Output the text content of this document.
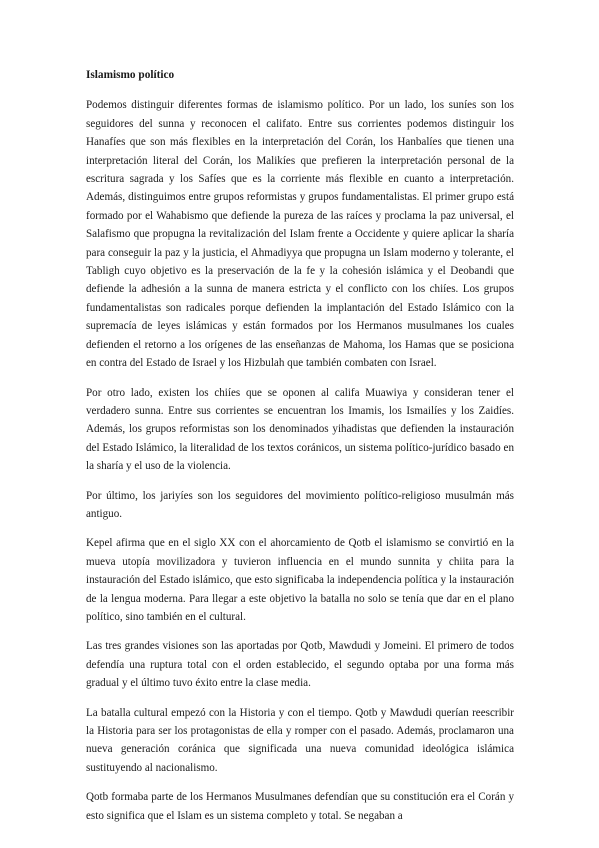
Islamismo político

Podemos distinguir diferentes formas de islamismo político. Por un lado, los suníes son los seguidores del sunna y reconocen el califato. Entre sus corrientes podemos distinguir los Hanafíes que son más flexibles en la interpretación del Corán, los Hanbalíes que tienen una interpretación literal del Corán, los Malikíes que prefieren la interpretación personal de la escritura sagrada y los Safíes que es la corriente más flexible en cuanto a interpretación. Además, distinguimos entre grupos reformistas y grupos fundamentalistas. El primer grupo está formado por el Wahabismo que defiende la pureza de las raíces y proclama la paz universal, el Salafismo que propugna la revitalización del Islam frente a Occidente y quiere aplicar la sharía para conseguir la paz y la justicia, el Ahmadiyya que propugna un Islam moderno y tolerante, el Tabligh cuyo objetivo es la preservación de la fe y la cohesión islámica y el Deobandi que defiende la adhesión a la sunna de manera estricta y el conflicto con los chiíes. Los grupos fundamentalistas son radicales porque defienden la implantación del Estado Islámico con la supremacía de leyes islámicas y están formados por los Hermanos musulmanes los cuales defienden el retorno a los orígenes de las enseñanzas de Mahoma, los Hamas que se posiciona en contra del Estado de Israel y los Hizbulah que también combaten con Israel.

Por otro lado, existen los chiíes que se oponen al califa Muawiya y consideran tener el verdadero sunna. Entre sus corrientes se encuentran los Imamis, los Ismailíes y los Zaidíes. Además, los grupos reformistas son los denominados yihadistas que defienden la instauración del Estado Islámico, la literalidad de los textos coránicos, un sistema político-jurídico basado en la sharía y el uso de la violencia.

Por último, los jariyíes son los seguidores del movimiento político-religioso musulmán más antiguo.

Kepel afirma que en el siglo XX con el ahorcamiento de Qotb el islamismo se convirtió en la mueva utopía movilizadora y tuvieron influencia en el mundo sunnita y chiita para la instauración del Estado islámico, que esto significaba la independencia política y la instauración de la lengua moderna. Para llegar a este objetivo la batalla no solo se tenía que dar en el plano político, sino también en el cultural.

Las tres grandes visiones son las aportadas por Qotb, Mawdudi y Jomeini. El primero de todos defendía una ruptura total con el orden establecido, el segundo optaba por una forma más gradual y el último tuvo éxito entre la clase media.

La batalla cultural empezó con la Historia y con el tiempo. Qotb y Mawdudi querían reescribir la Historia para ser los protagonistas de ella y romper con el pasado. Además, proclamaron una nueva generación coránica que significada una nueva comunidad ideológica islámica sustituyendo al nacionalismo.

Qotb formaba parte de los Hermanos Musulmanes defendían que su constitución era el Corán y esto significa que el Islam es un sistema completo y total. Se negaban a
